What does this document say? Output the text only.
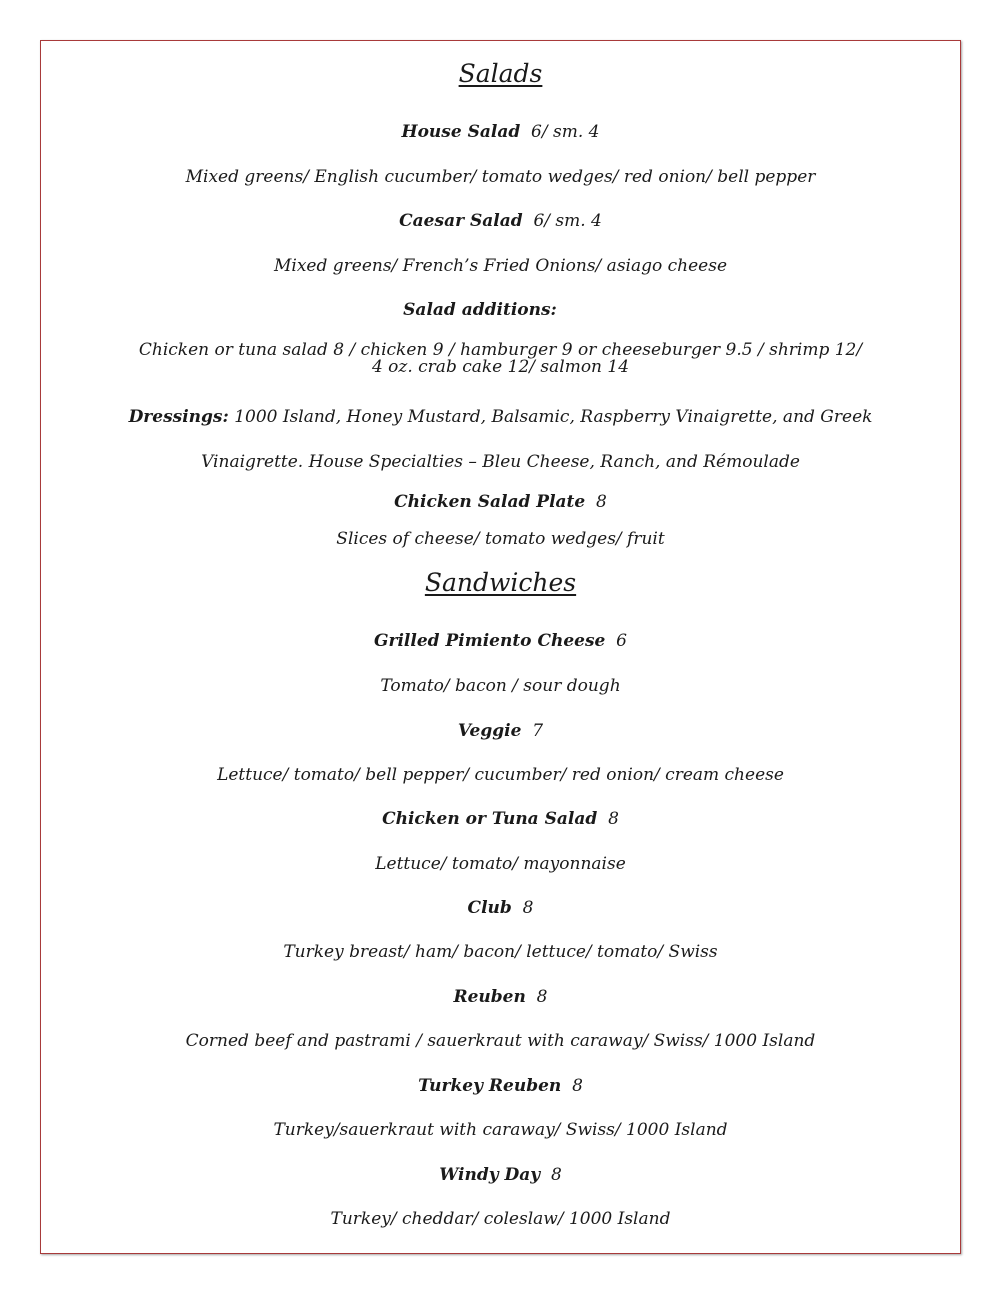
Salads
House Salad 6/ sm. 4
Mixed greens/ English cucumber/ tomato wedges/ red onion/ bell pepper
Caesar Salad 6/ sm. 4
Mixed greens/ French’s Fried Onions/ asiago cheese
Salad additions:
Chicken or tuna salad 8 / chicken 9 / hamburger 9 or cheeseburger 9.5 / shrimp 12/
4 oz. crab cake 12/ salmon 14
Dressings: 1000 Island, Honey Mustard, Balsamic, Raspberry Vinaigrette, and Greek
Vinaigrette. House Specialties – Bleu Cheese, Ranch, and Rémoulade
Chicken Salad Plate 8
Slices of cheese/ tomato wedges/ fruit
Sandwiches
Grilled Pimiento Cheese 6
Tomato/ bacon / sour dough
Veggie 7
Lettuce/ tomato/ bell pepper/ cucumber/ red onion/ cream cheese
Chicken or Tuna Salad 8
Lettuce/ tomato/ mayonnaise
Club 8
Turkey breast/ ham/ bacon/ lettuce/ tomato/ Swiss
Reuben 8
Corned beef and pastrami / sauerkraut with caraway/ Swiss/ 1000 Island
Turkey Reuben 8
Turkey/sauerkraut with caraway/ Swiss/ 1000 Island
Windy Day 8
Turkey/ cheddar/ coleslaw/ 1000 Island
